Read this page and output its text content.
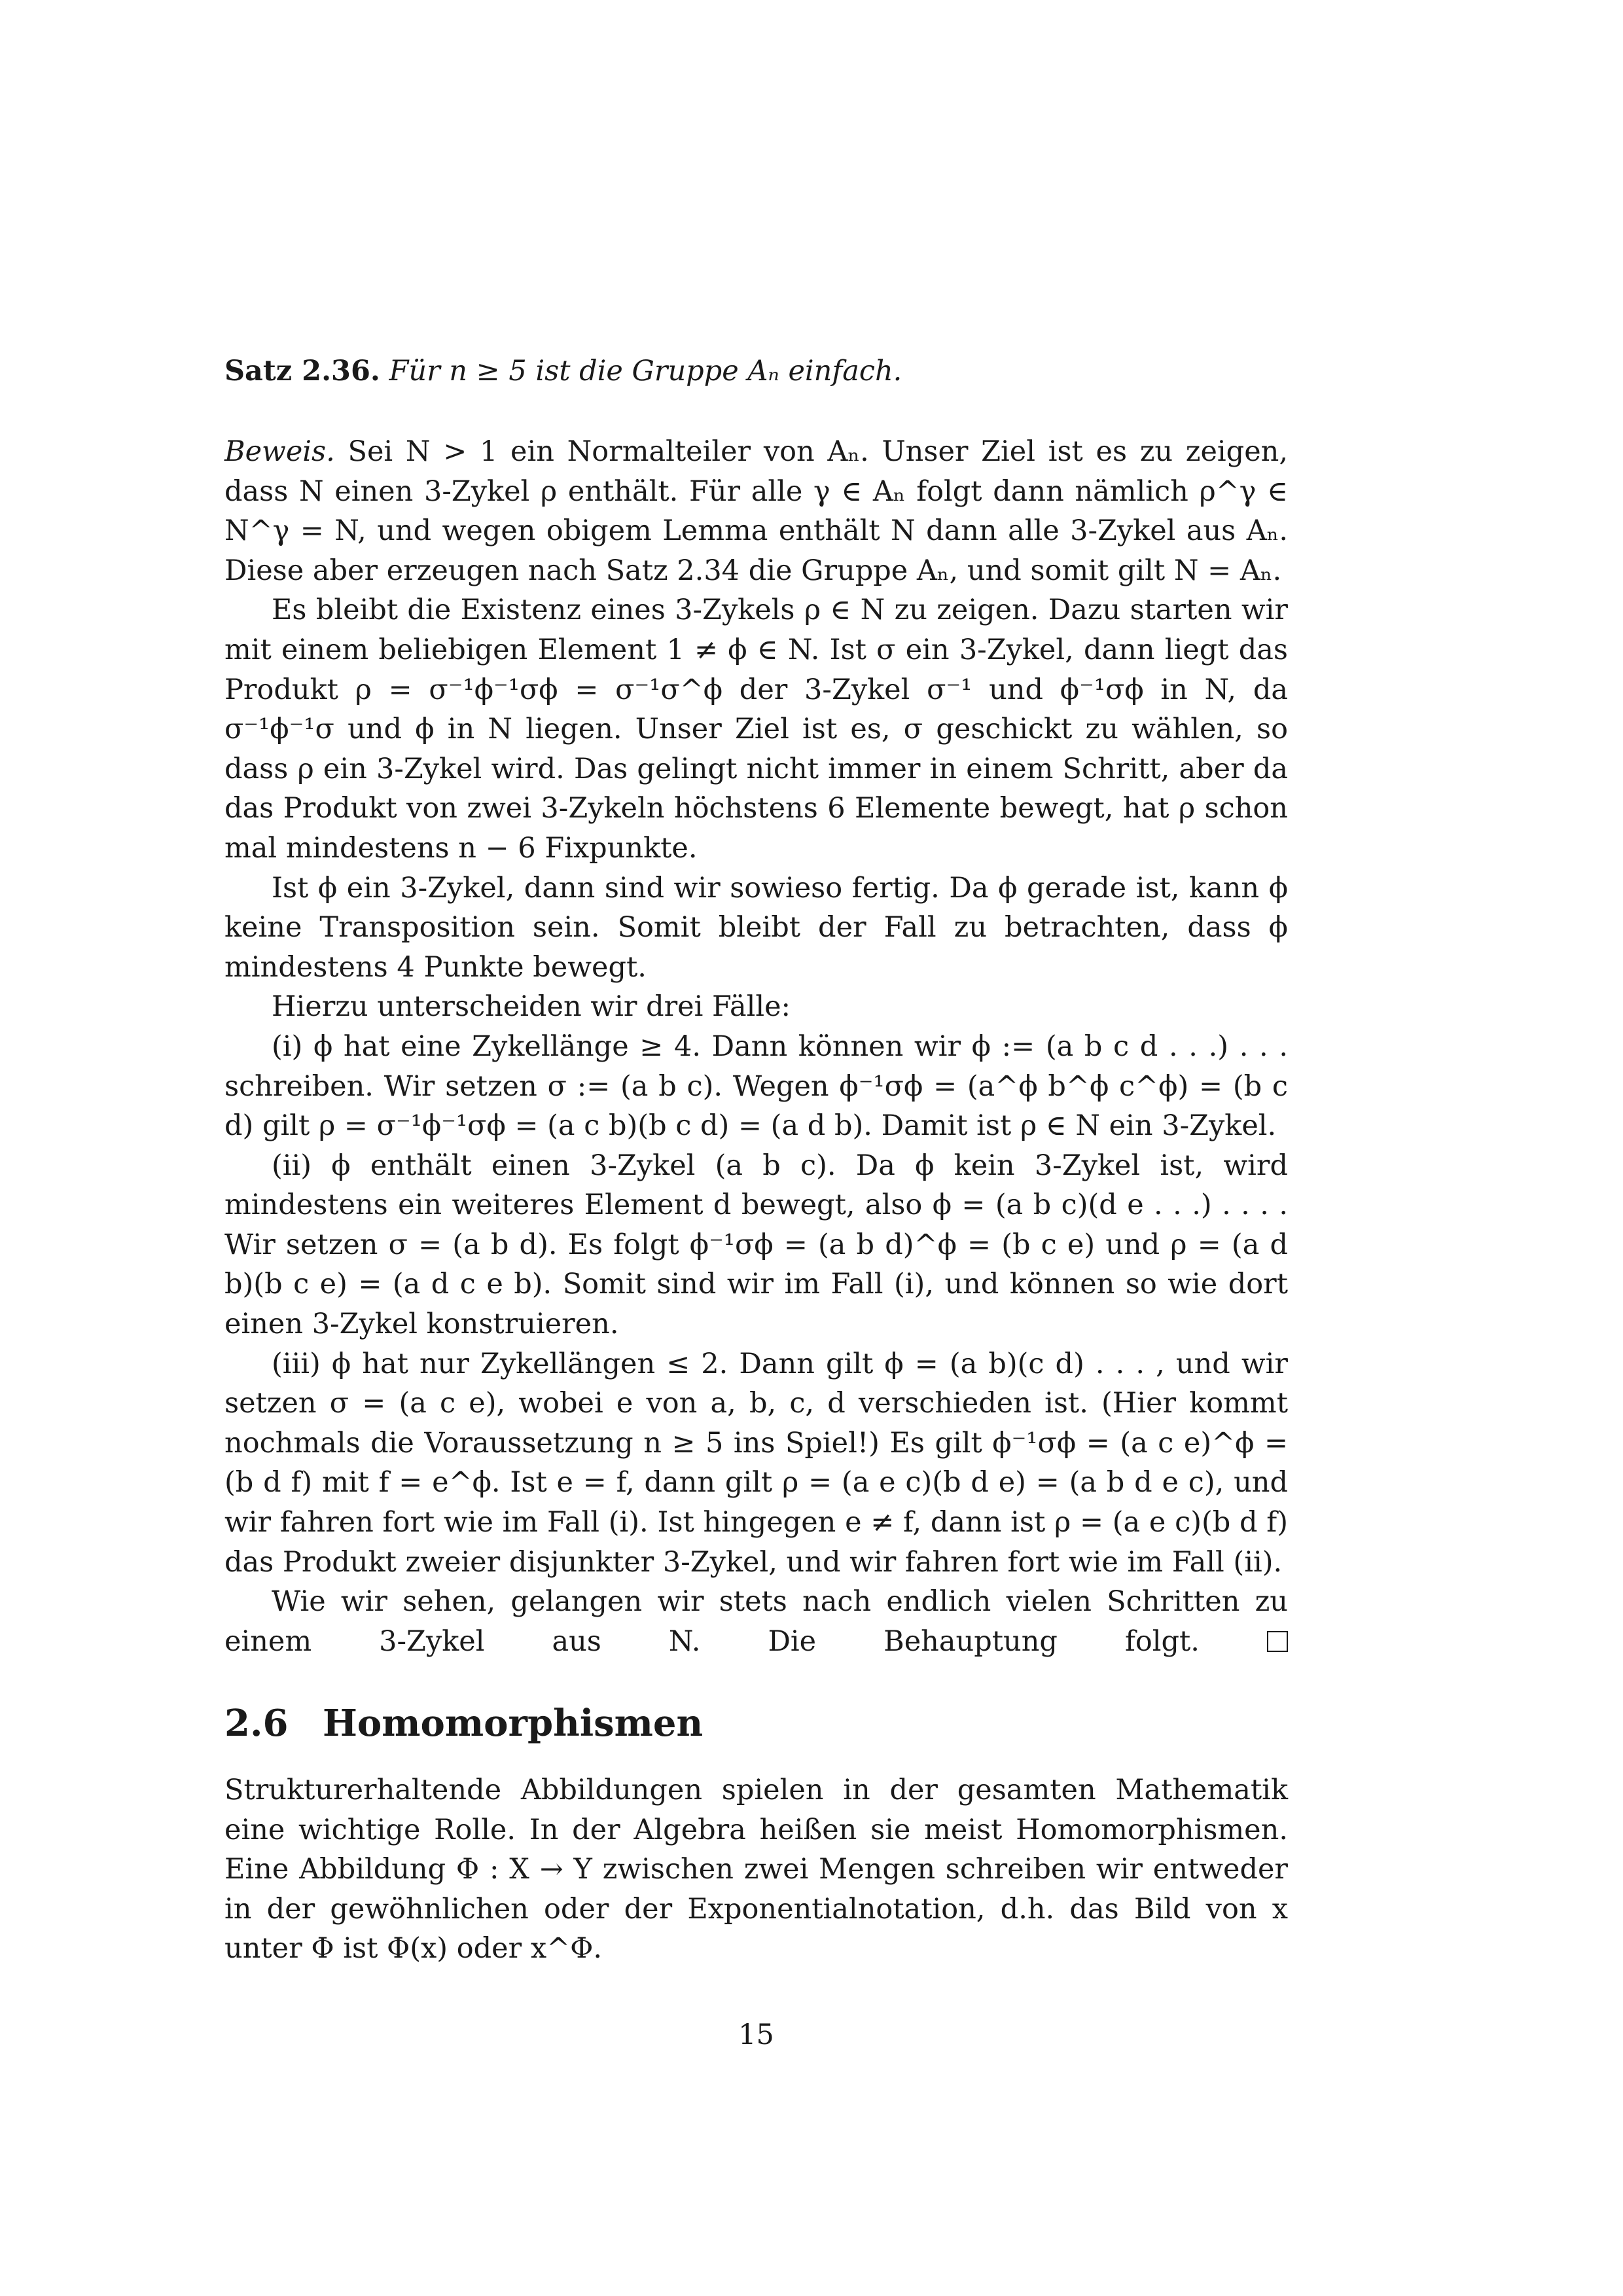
Satz 2.36. Für n ≥ 5 ist die Gruppe Aₙ einfach.

Beweis. Sei N > 1 ein Normalteiler von Aₙ. Unser Ziel ist es zu zeigen, dass N einen 3-Zykel ρ enthält. Für alle γ ∈ Aₙ folgt dann nämlich ρ^γ ∈ N^γ = N, und wegen obigem Lemma enthält N dann alle 3-Zykel aus Aₙ. Diese aber erzeugen nach Satz 2.34 die Gruppe Aₙ, und somit gilt N = Aₙ.

Es bleibt die Existenz eines 3-Zykels ρ ∈ N zu zeigen. Dazu starten wir mit einem beliebigen Element 1 ≠ ϕ ∈ N. Ist σ ein 3-Zykel, dann liegt das Produkt ρ = σ⁻¹ϕ⁻¹σϕ = σ⁻¹σ^ϕ der 3-Zykel σ⁻¹ und ϕ⁻¹σϕ in N, da σ⁻¹ϕ⁻¹σ und ϕ in N liegen. Unser Ziel ist es, σ geschickt zu wählen, so dass ρ ein 3-Zykel wird. Das gelingt nicht immer in einem Schritt, aber da das Produkt von zwei 3-Zykeln höchstens 6 Elemente bewegt, hat ρ schon mal mindestens n − 6 Fixpunkte.

Ist ϕ ein 3-Zykel, dann sind wir sowieso fertig. Da ϕ gerade ist, kann ϕ keine Transposition sein. Somit bleibt der Fall zu betrachten, dass ϕ mindestens 4 Punkte bewegt.

Hierzu unterscheiden wir drei Fälle:

(i) ϕ hat eine Zykellänge ≥ 4. Dann können wir ϕ := (a b c d . . .) . . . schreiben. Wir setzen σ := (a b c). Wegen ϕ⁻¹σϕ = (a^ϕ b^ϕ c^ϕ) = (b c d) gilt ρ = σ⁻¹ϕ⁻¹σϕ = (a c b)(b c d) = (a d b). Damit ist ρ ∈ N ein 3-Zykel.

(ii) ϕ enthält einen 3-Zykel (a b c). Da ϕ kein 3-Zykel ist, wird mindestens ein weiteres Element d bewegt, also ϕ = (a b c)(d e . . .) . . . . Wir setzen σ = (a b d). Es folgt ϕ⁻¹σϕ = (a b d)^ϕ = (b c e) und ρ = (a d b)(b c e) = (a d c e b). Somit sind wir im Fall (i), und können so wie dort einen 3-Zykel konstruieren.

(iii) ϕ hat nur Zykellängen ≤ 2. Dann gilt ϕ = (a b)(c d) . . . , und wir setzen σ = (a c e), wobei e von a, b, c, d verschieden ist. (Hier kommt nochmals die Voraussetzung n ≥ 5 ins Spiel!) Es gilt ϕ⁻¹σϕ = (a c e)^ϕ = (b d f) mit f = e^ϕ. Ist e = f, dann gilt ρ = (a e c)(b d e) = (a b d e c), und wir fahren fort wie im Fall (i). Ist hingegen e ≠ f, dann ist ρ = (a e c)(b d f) das Produkt zweier disjunkter 3-Zykel, und wir fahren fort wie im Fall (ii).

Wie wir sehen, gelangen wir stets nach endlich vielen Schritten zu einem 3-Zykel aus N. Die Behauptung folgt.

2.6 Homomorphismen

Strukturerhaltende Abbildungen spielen in der gesamten Mathematik eine wichtige Rolle. In der Algebra heißen sie meist Homomorphismen. Eine Abbildung Φ : X → Y zwischen zwei Mengen schreiben wir entweder in der gewöhnlichen oder der Exponentialnotation, d.h. das Bild von x unter Φ ist Φ(x) oder x^Φ.

15
